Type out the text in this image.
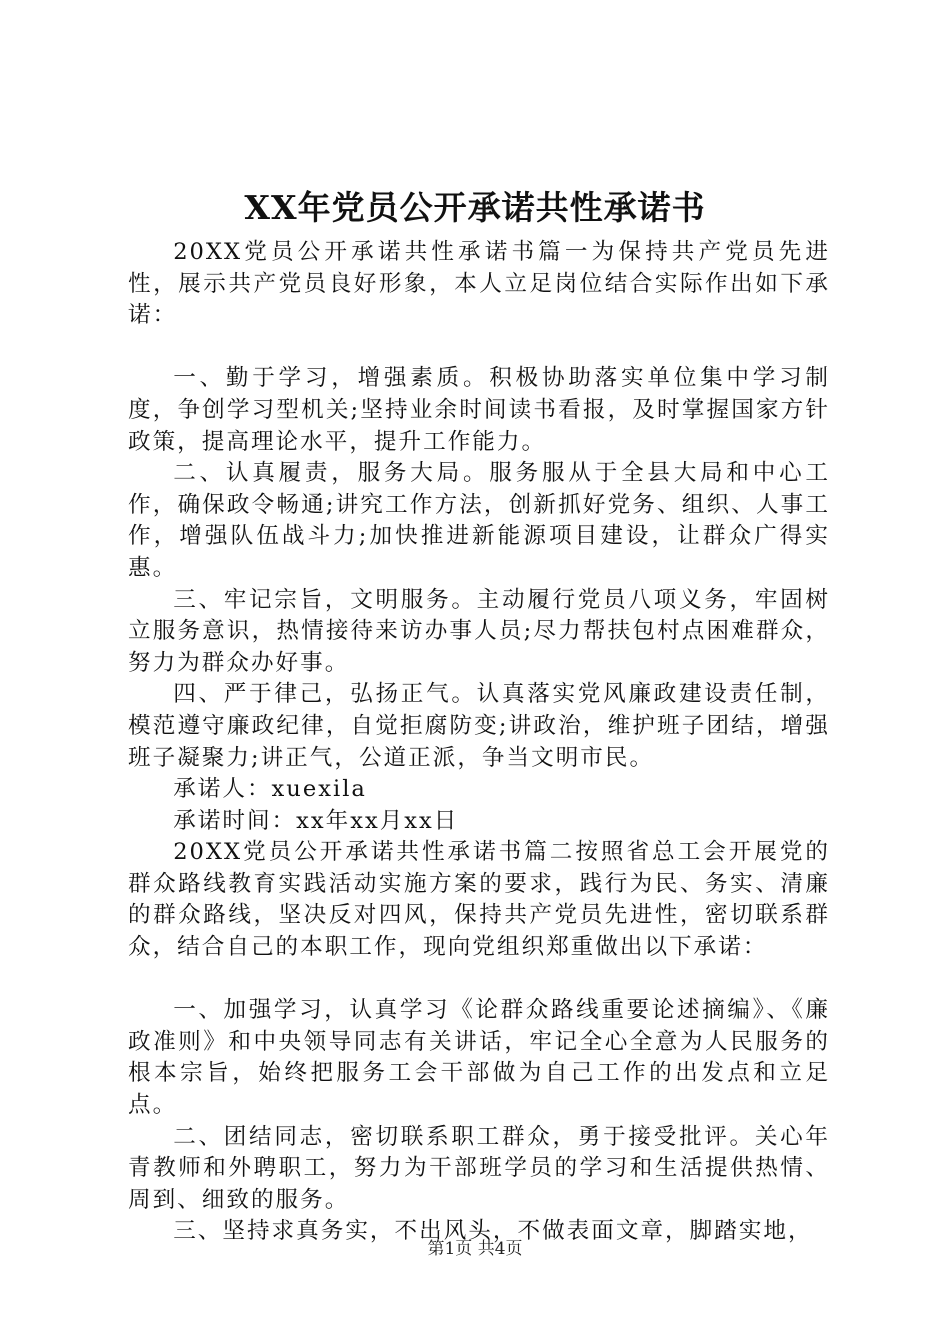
XX年党员公开承诺共性承诺书

20XX党员公开承诺共性承诺书篇一为保持共产党员先进性，展示共产党员良好形象，本人立足岗位结合实际作出如下承诺：

一、勤于学习，增强素质。积极协助落实单位集中学习制度，争创学习型机关;坚持业余时间读书看报，及时掌握国家方针政策，提高理论水平，提升工作能力。

二、认真履责，服务大局。服务服从于全县大局和中心工作，确保政令畅通;讲究工作方法，创新抓好党务、组织、人事工作，增强队伍战斗力;加快推进新能源项目建设，让群众广得实惠。

三、牢记宗旨，文明服务。主动履行党员八项义务，牢固树立服务意识，热情接待来访办事人员;尽力帮扶包村点困难群众，努力为群众办好事。

四、严于律己，弘扬正气。认真落实党风廉政建设责任制，模范遵守廉政纪律，自觉拒腐防变;讲政治，维护班子团结，增强班子凝聚力;讲正气，公道正派，争当文明市民。

承诺人：xuexila

承诺时间：xx年xx月xx日

20XX党员公开承诺共性承诺书篇二按照省总工会开展党的群众路线教育实践活动实施方案的要求，践行为民、务实、清廉的群众路线，坚决反对四风，保持共产党员先进性，密切联系群众，结合自己的本职工作，现向党组织郑重做出以下承诺：

一、加强学习，认真学习《论群众路线重要论述摘编》、《廉政准则》和中央领导同志有关讲话，牢记全心全意为人民服务的根本宗旨，始终把服务工会干部做为自己工作的出发点和立足点。

二、团结同志，密切联系职工群众，勇于接受批评。关心年青教师和外聘职工，努力为干部班学员的学习和生活提供热情、周到、细致的服务。

三、坚持求真务实，不出风头，不做表面文章，脚踏实地，

第1页 共4页
